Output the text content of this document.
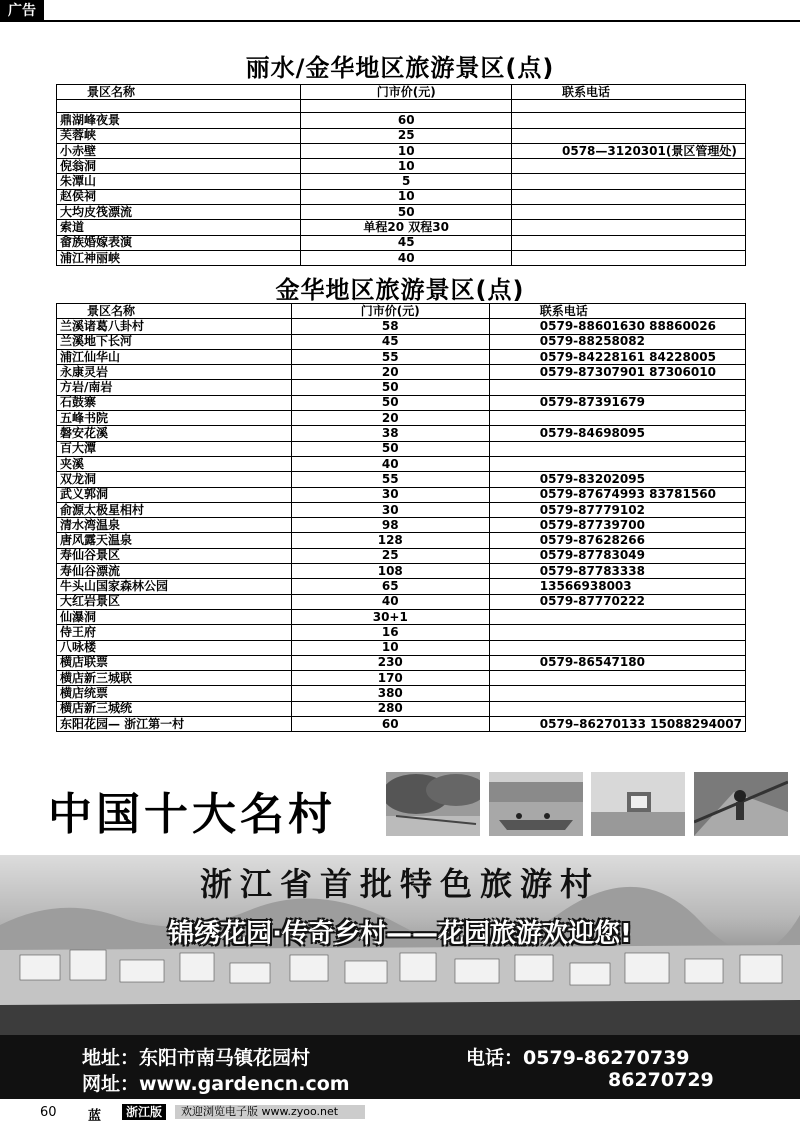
广告
丽水/金华地区旅游景区(点)
景区名称	门市价(元)	联系电话

鼎湖峰夜景	60	
芙蓉峡	25	
小赤壁	10	0578—3120301(景区管理处)
倪翁洞	10	
朱潭山	5	
赵侯祠	10	
大均皮筏漂流	50	
索道	单程20 双程30	
畲族婚嫁表演	45	
浦江神丽峡	40	
金华地区旅游景区(点)
景区名称	门市价(元)	联系电话
兰溪诸葛八卦村	58	0579-88601630 88860026
兰溪地下长河	45	0579-88258082
浦江仙华山	55	0579-84228161 84228005
永康灵岩	20	0579-87307901 87306010
方岩/南岩	50	
石鼓寨	50	0579-87391679
五峰书院	20	
磐安花溪	38	0579-84698095
百大潭	50	
夹溪	40	
双龙洞	55	0579-83202095
武义郭洞	30	0579-87674993 83781560
俞源太极星相村	30	0579-87779102
清水湾温泉	98	0579-87739700
唐风露天温泉	128	0579-87628266
寿仙谷景区	25	0579-87783049
寿仙谷漂流	108	0579-87783338
牛头山国家森林公园	65	13566938003
大红岩景区	40	0579-87770222
仙瀑洞	30+1	
侍王府	16	
八咏楼	10	
横店联票	230	0579-86547180
横店新三城联	170	
横店统票	380	
横店新三城统	280	
东阳花园— 浙江第一村	60	0579–86270133 15088294007
中国十大名村
浙江省首批特色旅游村
锦绣花园·传奇乡村——花园旅游欢迎您!
地址：东阳市南马镇花园村
网址：www.gardencn.com
电话：0579-86270739
86270729
60 蓝	浙江版	欢迎浏览电子版 www.zyoo.net
